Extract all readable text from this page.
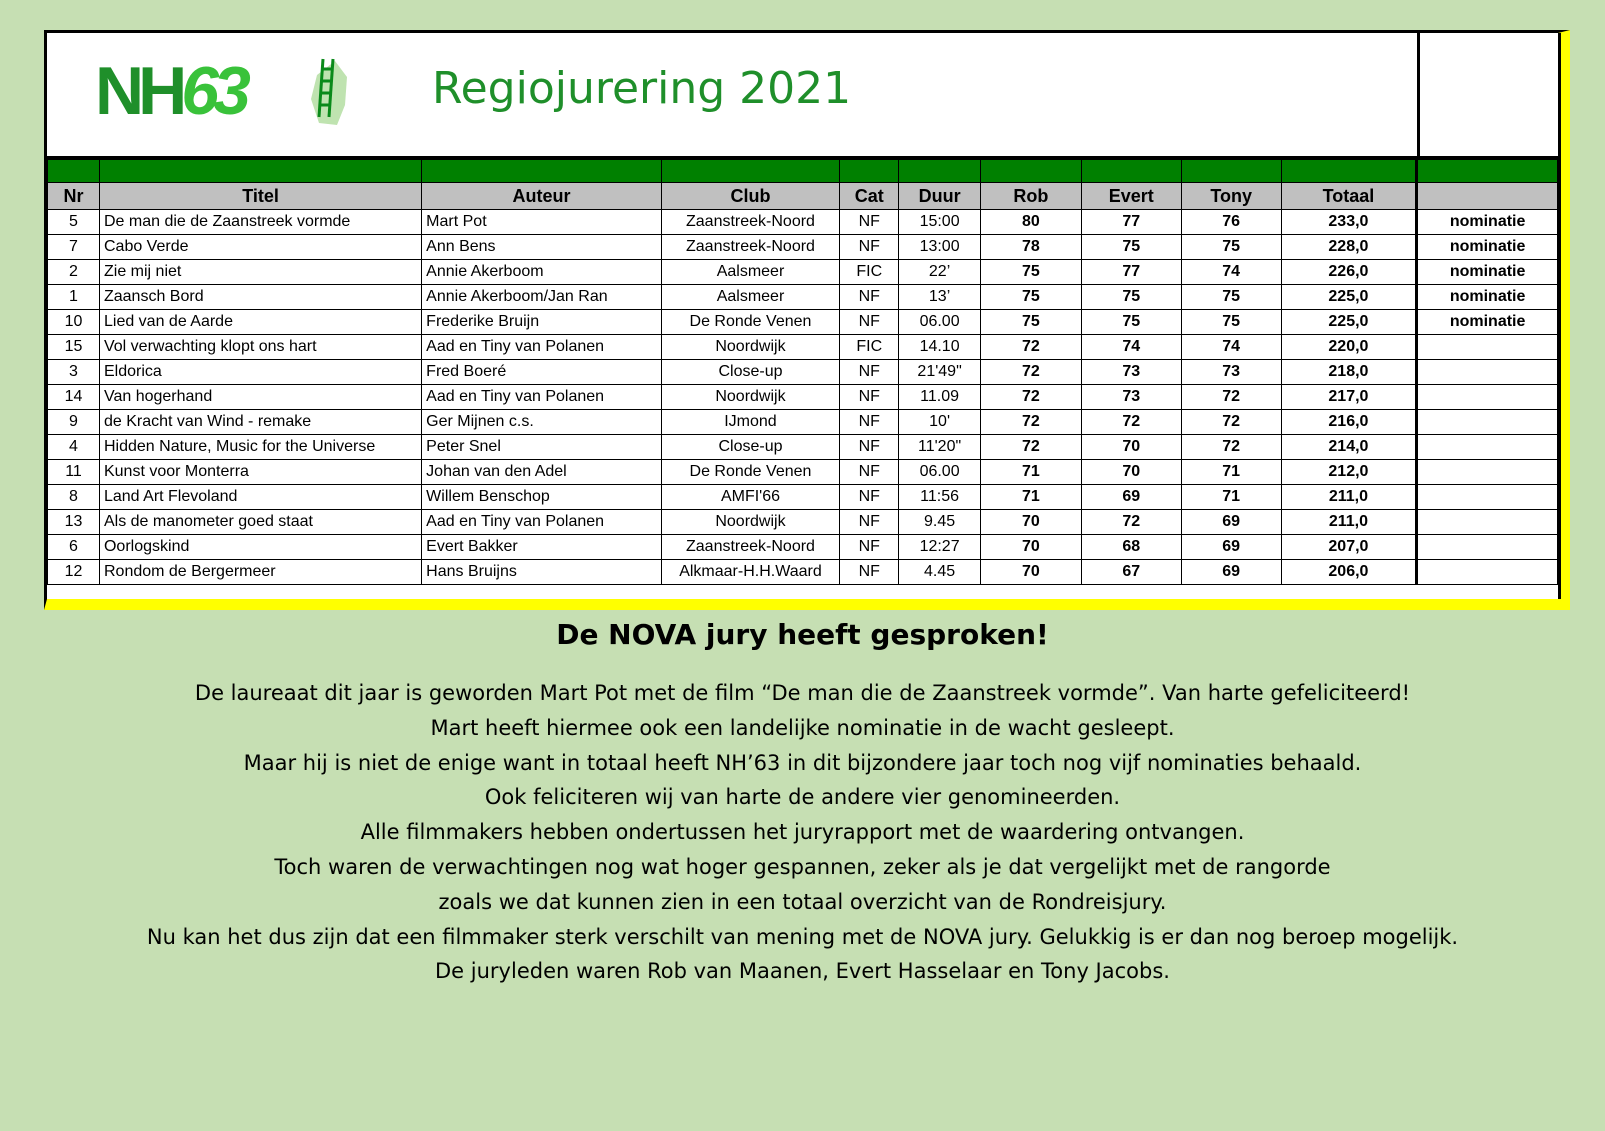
NH63	Regiojurering 2021

Nr	Titel	Auteur	Club	Cat	Duur	Rob	Evert	Tony	Totaal	
5	De man die de Zaanstreek vormde	Mart Pot	Zaanstreek-Noord	NF	15:00	80	77	76	233,0	nominatie
7	Cabo Verde	Ann Bens	Zaanstreek-Noord	NF	13:00	78	75	75	228,0	nominatie
2	Zie mij niet	Annie Akerboom	Aalsmeer	FIC	22’	75	77	74	226,0	nominatie
1	Zaansch Bord	Annie Akerboom/Jan Ran	Aalsmeer	NF	13’	75	75	75	225,0	nominatie
10	Lied van de Aarde	Frederike Bruijn	De Ronde Venen	NF	06.00	75	75	75	225,0	nominatie
15	Vol verwachting klopt ons hart	Aad en Tiny van Polanen	Noordwijk	FIC	14.10	72	74	74	220,0	
3	Eldorica	Fred Boeré	Close-up	NF	21'49"	72	73	73	218,0	
14	Van hogerhand	Aad en Tiny van Polanen	Noordwijk	NF	11.09	72	73	72	217,0	
9	de Kracht van Wind - remake	Ger Mijnen c.s.	IJmond	NF	10'	72	72	72	216,0	
4	Hidden Nature, Music for the Universe	Peter Snel	Close-up	NF	11'20"	72	70	72	214,0	
11	Kunst voor Monterra	Johan van den Adel	De Ronde Venen	NF	06.00	71	70	71	212,0	
8	Land Art Flevoland	Willem Benschop	AMFI'66	NF	11:56	71	69	71	211,0	
13	Als de manometer goed staat	Aad en Tiny van Polanen	Noordwijk	NF	9.45	70	72	69	211,0	
6	Oorlogskind	Evert Bakker	Zaanstreek-Noord	NF	12:27	70	68	69	207,0	
12	Rondom de Bergermeer	Hans Bruijns	Alkmaar-H.H.Waard	NF	4.45	70	67	69	206,0	
De NOVA jury heeft gesproken!

De laureaat dit jaar is geworden Mart Pot met de film “De man die de Zaanstreek vormde”. Van harte gefeliciteerd!

Mart heeft hiermee ook een landelijke nominatie in de wacht gesleept.

Maar hij is niet de enige want in totaal heeft NH’63 in dit bijzondere jaar toch nog vijf nominaties behaald.

Ook feliciteren wij van harte de andere vier genomineerden.

Alle filmmakers hebben ondertussen het juryrapport met de waardering ontvangen.

Toch waren de verwachtingen nog wat hoger gespannen, zeker als je dat vergelijkt met de rangorde

zoals we dat kunnen zien in een totaal overzicht van de Rondreisjury.

Nu kan het dus zijn dat een filmmaker sterk verschilt van mening met de NOVA jury. Gelukkig is er dan nog beroep mogelijk.

De juryleden waren Rob van Maanen, Evert Hasselaar en Tony Jacobs.
